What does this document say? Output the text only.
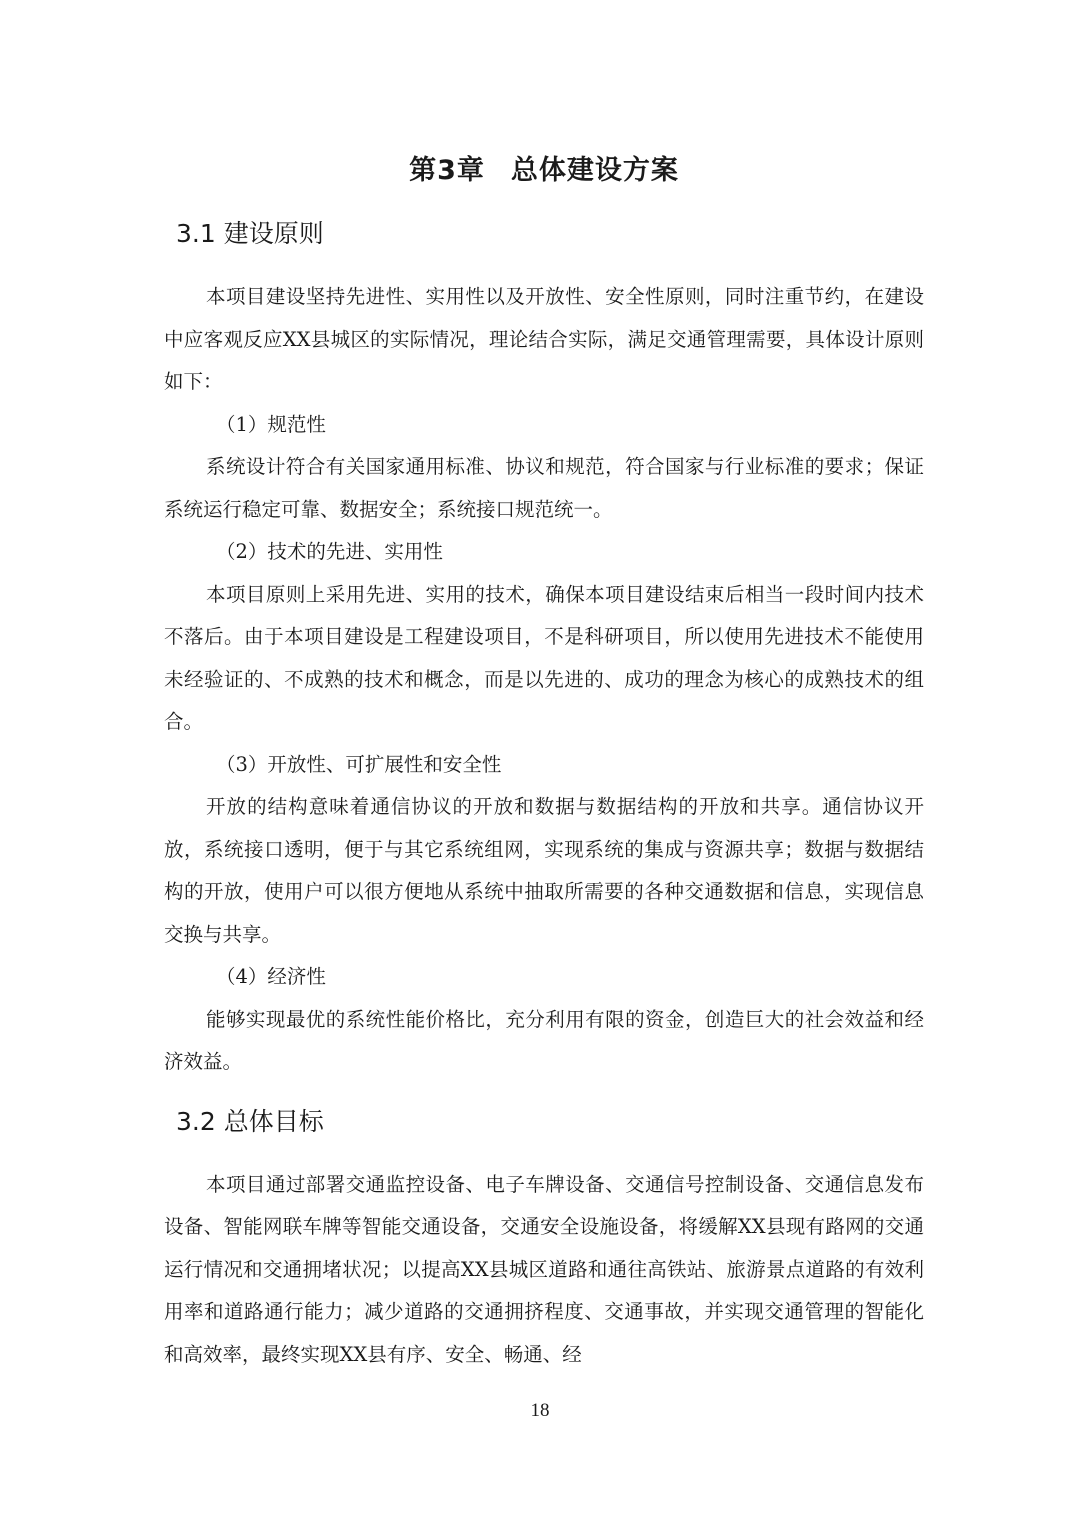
第3章 总体建设方案
3.1 建设原则

本项目建设坚持先进性、实用性以及开放性、安全性原则，同时注重节约，在建设中应客观反应XX县城区的实际情况，理论结合实际，满足交通管理需要，具体设计原则如下：

（1）规范性

系统设计符合有关国家通用标准、协议和规范，符合国家与行业标准的要求；保证系统运行稳定可靠、数据安全；系统接口规范统一。

（2）技术的先进、实用性

本项目原则上采用先进、实用的技术，确保本项目建设结束后相当一段时间内技术不落后。由于本项目建设是工程建设项目，不是科研项目，所以使用先进技术不能使用未经验证的、不成熟的技术和概念，而是以先进的、成功的理念为核心的成熟技术的组合。

（3）开放性、可扩展性和安全性

开放的结构意味着通信协议的开放和数据与数据结构的开放和共享。通信协议开放，系统接口透明，便于与其它系统组网，实现系统的集成与资源共享；数据与数据结构的开放，使用户可以很方便地从系统中抽取所需要的各种交通数据和信息，实现信息交换与共享。

（4）经济性

能够实现最优的系统性能价格比，充分利用有限的资金，创造巨大的社会效益和经济效益。

3.2 总体目标

本项目通过部署交通监控设备、电子车牌设备、交通信号控制设备、交通信息发布设备、智能网联车牌等智能交通设备，交通安全设施设备，将缓解XX县现有路网的交通运行情况和交通拥堵状况；以提高XX县城区道路和通往高铁站、旅游景点道路的有效利用率和道路通行能力；减少道路的交通拥挤程度、交通事故，并实现交通管理的智能化和高效率，最终实现XX县有序、安全、畅通、经

18
